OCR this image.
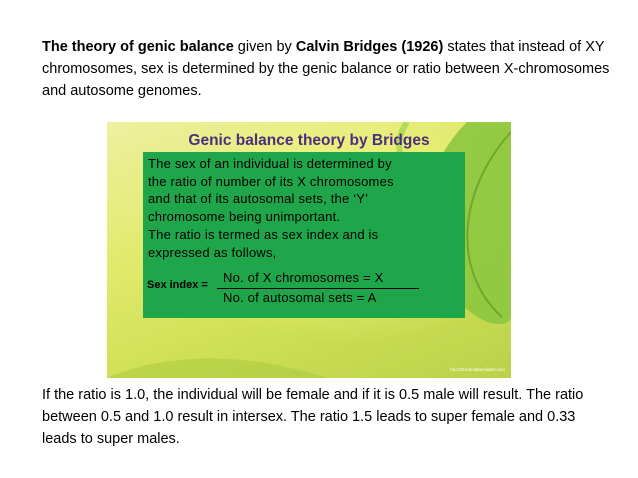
The theory of genic balance given by Calvin Bridges (1926) states that instead of XY chromosomes, sex is determined by the genic balance or ratio between X-chromosomes and autosome genomes.

Genic balance theory by Bridges

The sex of an individual is determined by
the ratio of number of its X chromosomes
and that of its autosomal sets, the ‘Y’
chromosome being unimportant.
The ratio is termed as sex index and is
expressed as follows,

Sex index = No. of X chromosomes = X
No. of autosomal sets = A
hd.1001christianclipart.com

If the ratio is 1.0, the individual will be female and if it is 0.5 male will result. The ratio between 0.5 and 1.0 result in intersex. The ratio 1.5 leads to super female and 0.33 leads to super males.
